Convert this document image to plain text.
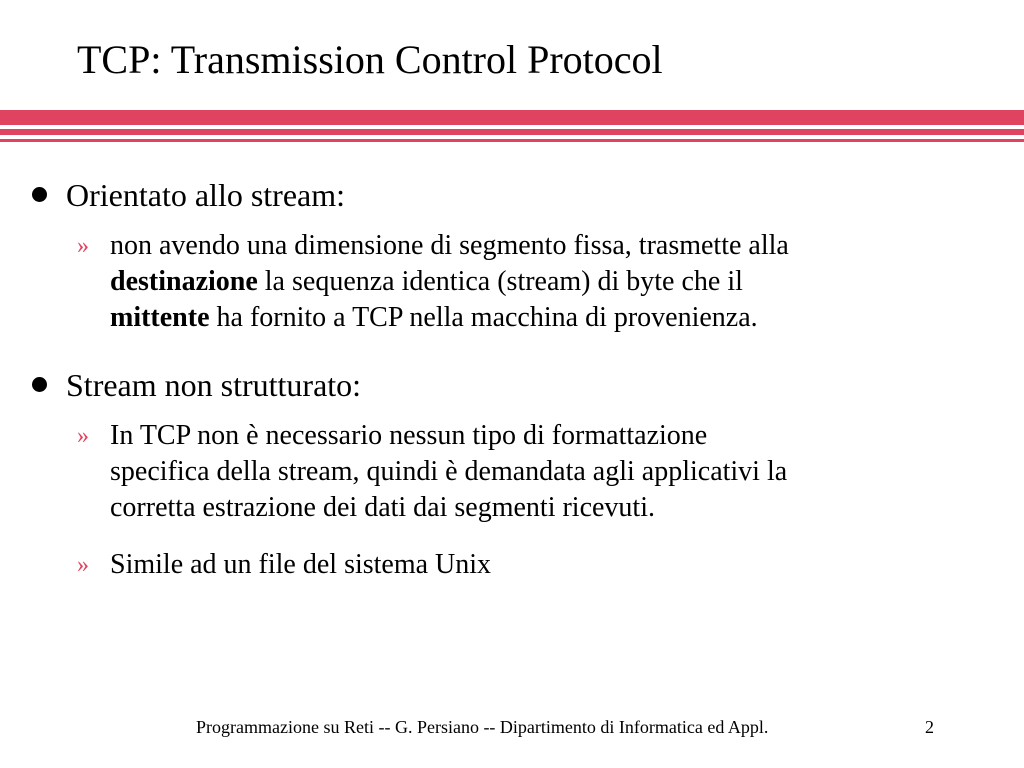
TCP: Transmission Control Protocol
Orientato allo stream:
» non avendo una dimensione di segmento fissa, trasmette alla
destinazione la sequenza identica (stream) di byte che il
mittente ha fornito a TCP nella macchina di provenienza.
Stream non strutturato:
» In TCP non è necessario nessun tipo di formattazione
specifica della stream, quindi è demandata agli applicativi la
corretta estrazione dei dati dai segmenti ricevuti.
» Simile ad un file del sistema Unix
Programmazione su Reti -- G. Persiano -- Dipartimento di Informatica ed Appl.	2
